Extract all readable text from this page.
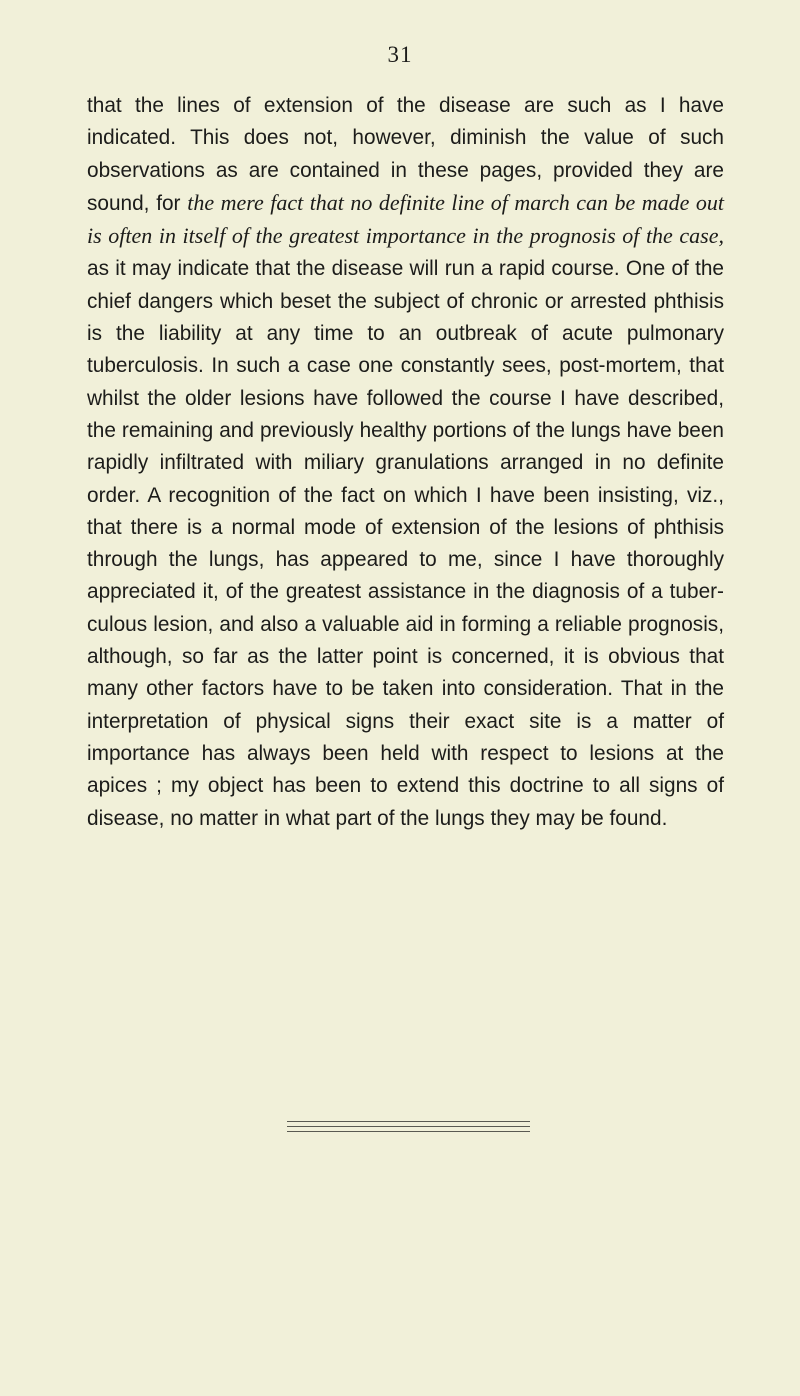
31

that the lines of extension of the disease are such as I have indicated. This does not, however, diminish the value of such observations as are contained in these pages, provided they are sound, for the mere fact that no definite line of march can be made out is often in itself of the greatest importance in the prognosis of the case, as it may indicate that the disease will run a rapid course. One of the chief dangers which beset the subject of chronic or arrested phthisis is the liability at any time to an outbreak of acute pulmonary tuberculosis. In such a case one constantly sees, post-mortem, that whilst the older lesions have followed the course I have described, the remaining and previously healthy portions of the lungs have been rapidly infiltrated with miliary granulations arranged in no definite order. A recognition of the fact on which I have been insisting, viz., that there is a normal mode of extension of the lesions of phthisis through the lungs, has appeared to me, since I have thoroughly appreciated it, of the greatest assistance in the diagnosis of a tuber-culous lesion, and also a valuable aid in forming a reliable prognosis, although, so far as the latter point is concerned, it is obvious that many other factors have to be taken into consideration. That in the interpretation of physical signs their exact site is a matter of importance has always been held with respect to lesions at the apices ; my object has been to extend this doctrine to all signs of disease, no matter in what part of the lungs they may be found.
